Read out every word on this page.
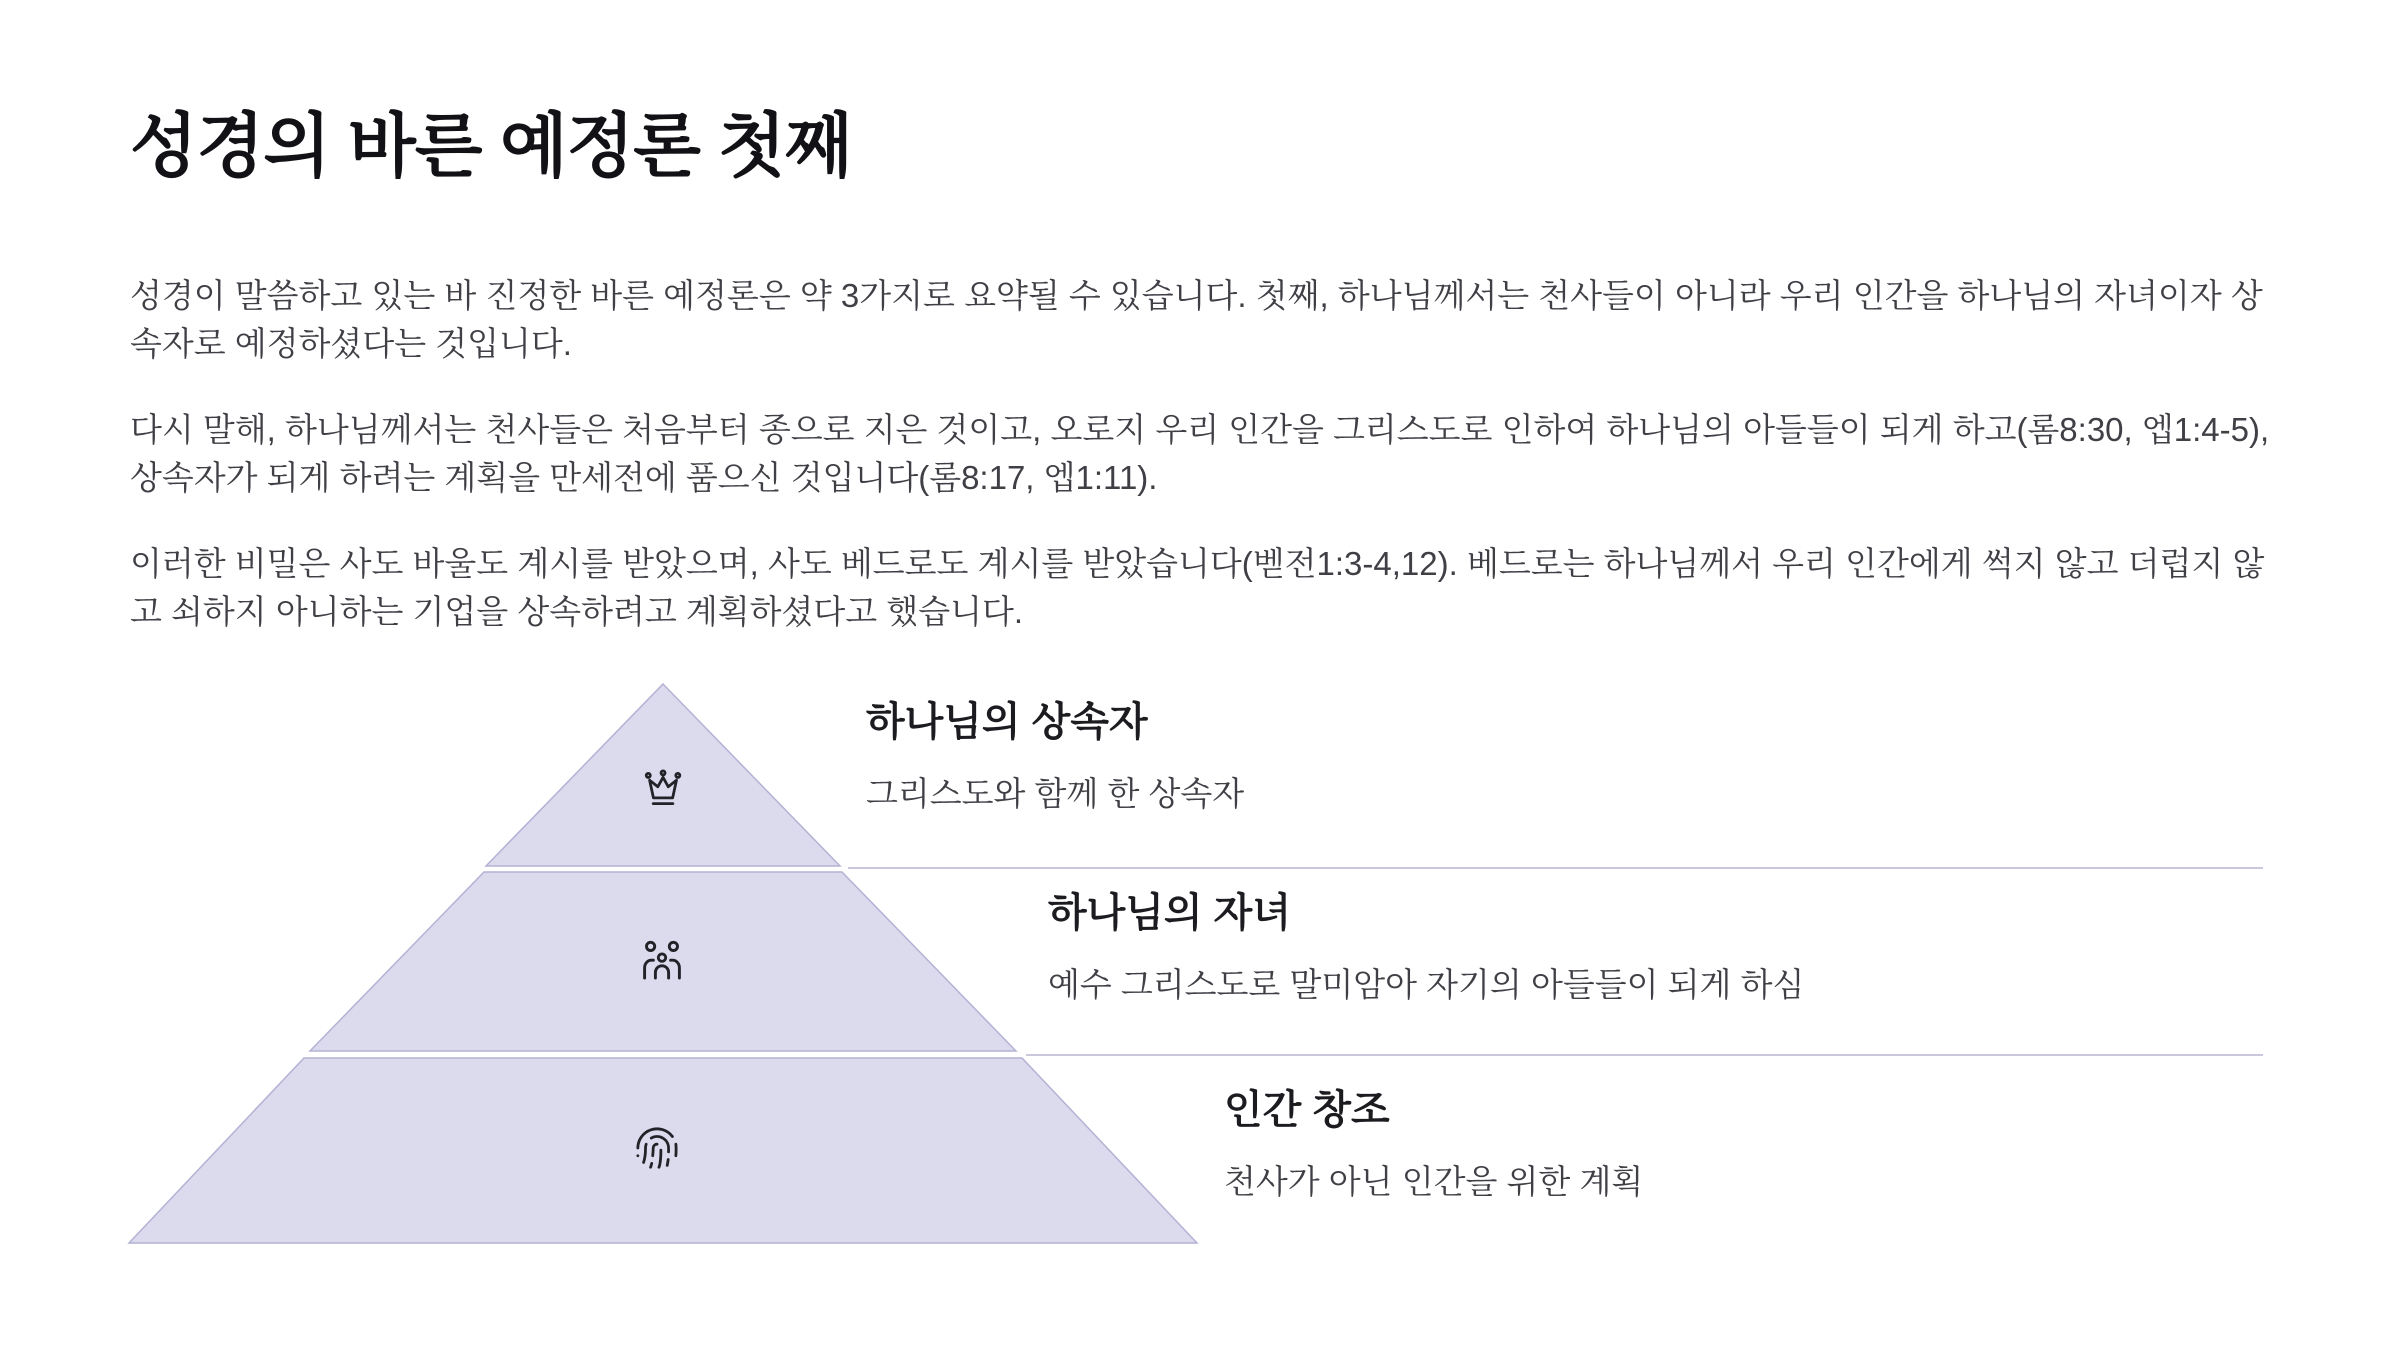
성경의 바른 예정론 첫째

성경이 말씀하고 있는 바 진정한 바른 예정론은 약 3가지로 요약될 수 있습니다. 첫째, 하나님께서는 천사들이 아니라 우리 인간을 하나님의 자녀이자 상속자로 예정하셨다는 것입니다.

다시 말해, 하나님께서는 천사들은 처음부터 종으로 지은 것이고, 오로지 우리 인간을 그리스도로 인하여 하나님의 아들들이 되게 하고(롬8:30, 엡1:4-5), 상속자가 되게 하려는 계획을 만세전에 품으신 것입니다(롬8:17, 엡1:11).

이러한 비밀은 사도 바울도 계시를 받았으며, 사도 베드로도 계시를 받았습니다(벧전1:3-4,12). 베드로는 하나님께서 우리 인간에게 썩지 않고 더럽지 않고 쇠하지 아니하는 기업을 상속하려고 계획하셨다고 했습니다.

하나님의 상속자

그리스도와 함께 한 상속자

하나님의 자녀

예수 그리스도로 말미암아 자기의 아들들이 되게 하심

인간 창조

천사가 아닌 인간을 위한 계획
